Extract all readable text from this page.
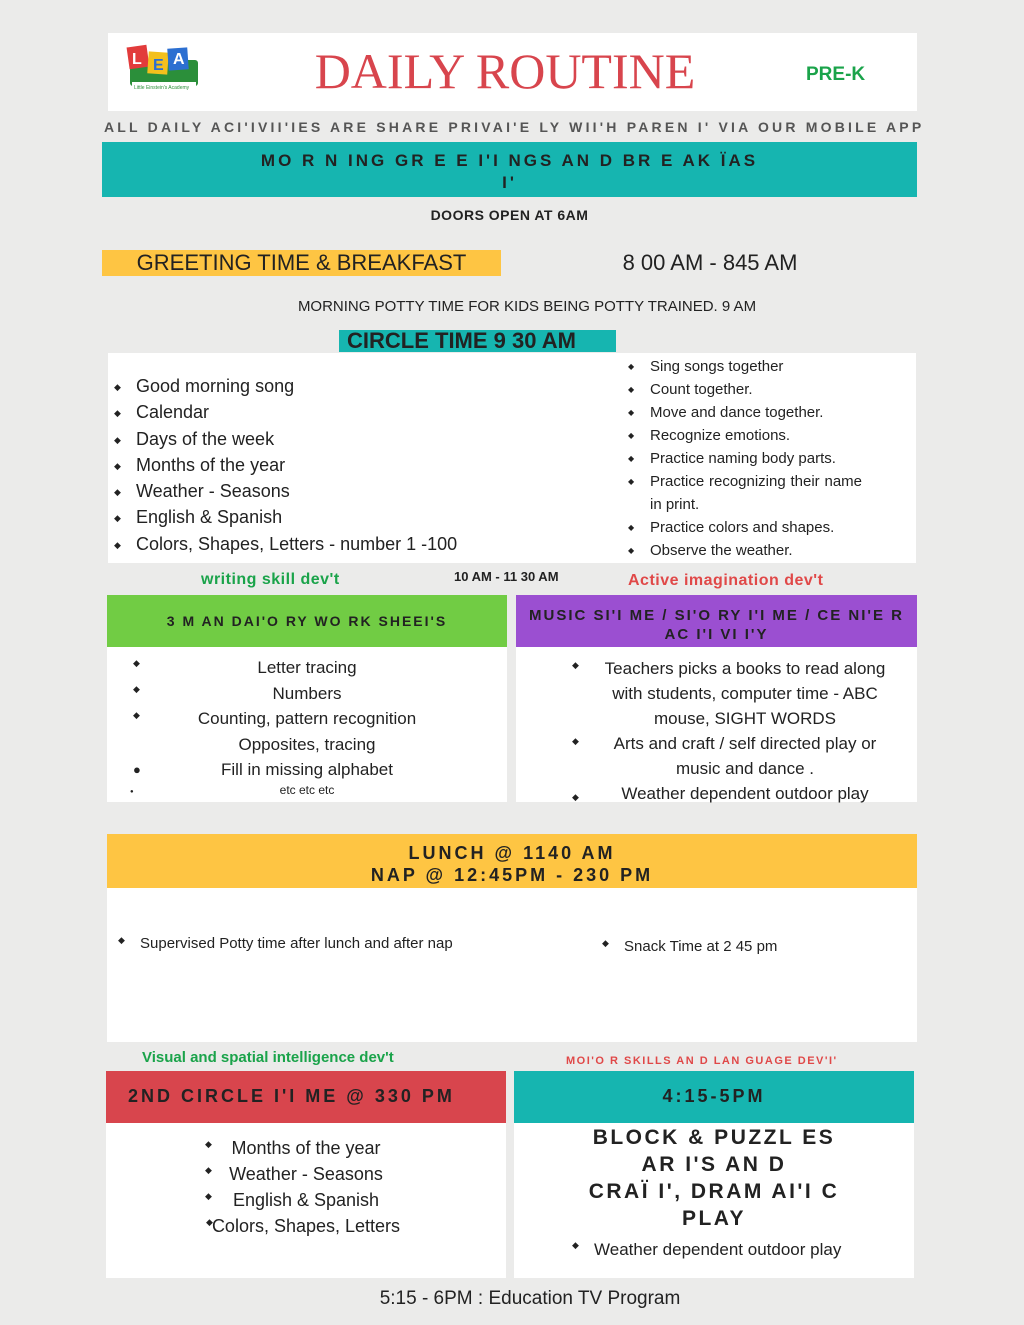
L E A
Little Einstein's Academy	DAILY ROUTINE	PRE-K
ALL DAILY ACI'IVII'IES ARE SHARE PRIVAI'E LY WII'H PAREN I' VIA OUR MOBILE APP
MO R N ING GR E E I'I NGS AN D BR E AK ÏAS
I'
DOORS OPEN AT 6AM
GREETING TIME & BREAKFAST	8 00 AM - 845 AM
MORNING POTTY TIME FOR KIDS BEING POTTY TRAINED. 9 AM
CIRCLE TIME 9 30 AM
◆ Good morning song
◆ Calendar
◆ Days of the week
◆ Months of the year
◆ Weather - Seasons
◆ English & Spanish
◆ Colors, Shapes, Letters - number 1 -100
◆ Sing songs together
◆ Count together.
◆ Move and dance together.
◆ Recognize emotions.
◆ Practice naming body parts.
◆ Practice recognizing their name in print.
◆ Practice colors and shapes.
◆ Observe the weather.
writing skill dev't	10 AM - 11 30 AM	Active imagination dev't
3 M AN DAI'O RY WO RK SHEEI'S
Letter tracing
Numbers
Counting, pattern recognition
Opposites, tracing
Fill in missing alphabet
etc etc etc
◆
◆
◆
●
●
MUSIC SI'I ME / SI'O RY I'I ME / CE NI'E R
AC I'I VI I'Y
Teachers picks a books to read along
with students, computer time - ABC
mouse, SIGHT WORDS
Arts and craft / self directed play or
music and dance .
Weather dependent outdoor play
◆
◆
◆
LUNCH @ 1140 AM
NAP @ 12:45PM - 230 PM
◆ Supervised Potty time after lunch and after nap
◆	Snack Time at 2 45 pm
Visual and spatial intelligence dev't	MOI'O R SKILLS AN D LAN GUAGE DEV'I'
2ND CIRCLE I'I ME @ 330 PM
Months of the year
Weather - Seasons
English & Spanish
Colors, Shapes, Letters
◆
◆
◆
◆
4:15-5PM
BLOCK & PUZZL ES
AR I'S AN D
CRAÏ I', DRAM AI'I C
PLAY
◆ Weather dependent outdoor play
5:15 - 6PM : Education TV Program
